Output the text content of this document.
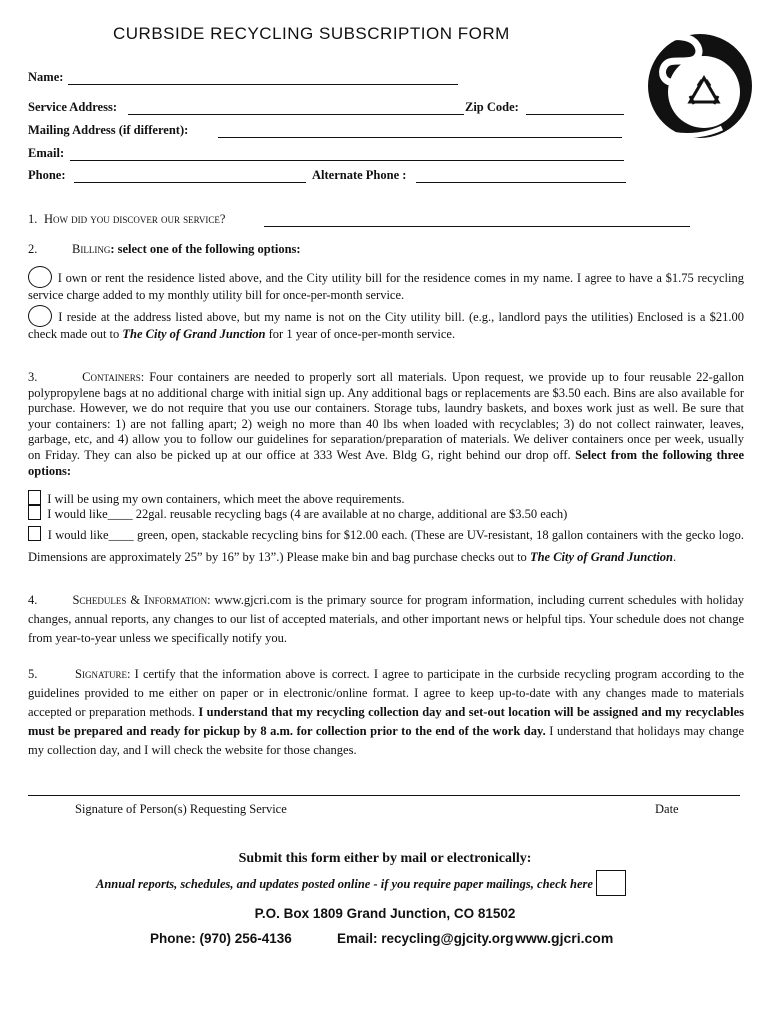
CURBSIDE RECYCLING SUBSCRIPTION FORM
Name:
Service Address:	Zip Code:
Mailing Address (if different):
Email:
Phone:	Alternate Phone :
1. How did you discover our service?
2.	Billing: select one of the following options:
I own or rent the residence listed above, and the City utility bill for the residence comes in my name. I agree to have a $1.75 recycling service charge added to my monthly utility bill for once-per-month service.
I reside at the address listed above, but my name is not on the City utility bill. (e.g., landlord pays the utilities) Enclosed is a $21.00 check made out to The City of Grand Junction for 1 year of once-per-month service.
3.	Containers: Four containers are needed to properly sort all materials. Upon request, we provide up to four reusable 22-gallon polypropylene bags at no additional charge with initial sign up. Any additional bags or replacements are $3.50 each. Bins are also available for purchase. However, we do not require that you use our containers. Storage tubs, laundry baskets, and boxes work just as well. Be sure that your containers: 1) are not falling apart; 2) weigh no more than 40 lbs when loaded with recyclables; 3) do not collect rainwater, leaves, garbage, etc, and 4) allow you to follow our guidelines for separation/preparation of materials. We deliver containers once per week, usually on Friday. They can also be picked up at our office at 333 West Ave. Bldg G, right behind our drop off. Select from the following three options:
I will be using my own containers, which meet the above requirements.
I would like____ 22gal. reusable recycling bags (4 are available at no charge, additional are $3.50 each)
I would like____ green, open, stackable recycling bins for $12.00 each. (These are UV-resistant, 18 gallon containers with the gecko logo. Dimensions are approximately 25” by 16” by 13”.) Please make bin and bag purchase checks out to The City of Grand Junction.
4.	Schedules & Information: www.gjcri.com is the primary source for program information, including current schedules with holiday changes, annual reports, any changes to our list of accepted materials, and other important news or helpful tips. Your schedule does not change from year-to-year unless we specifically notify you.
5.	Signature: I certify that the information above is correct. I agree to participate in the curbside recycling program according to the guidelines provided to me either on paper or in electronic/online format. I agree to keep up-to-date with any changes made to materials accepted or preparation methods. I understand that my recycling collection day and set-out location will be assigned and my recyclables must be prepared and ready for pickup by 8 a.m. for collection prior to the end of the work day. I understand that holidays may change my collection day, and I will check the website for those changes.
Signature of Person(s) Requesting Service	Date
Submit this form either by mail or electronically:
Annual reports, schedules, and updates posted online - if you require paper mailings, check here
P.O. Box 1809 Grand Junction, CO 81502
Phone: (970) 256-4136	Email: recycling@gjcity.org www.gjcri.com
